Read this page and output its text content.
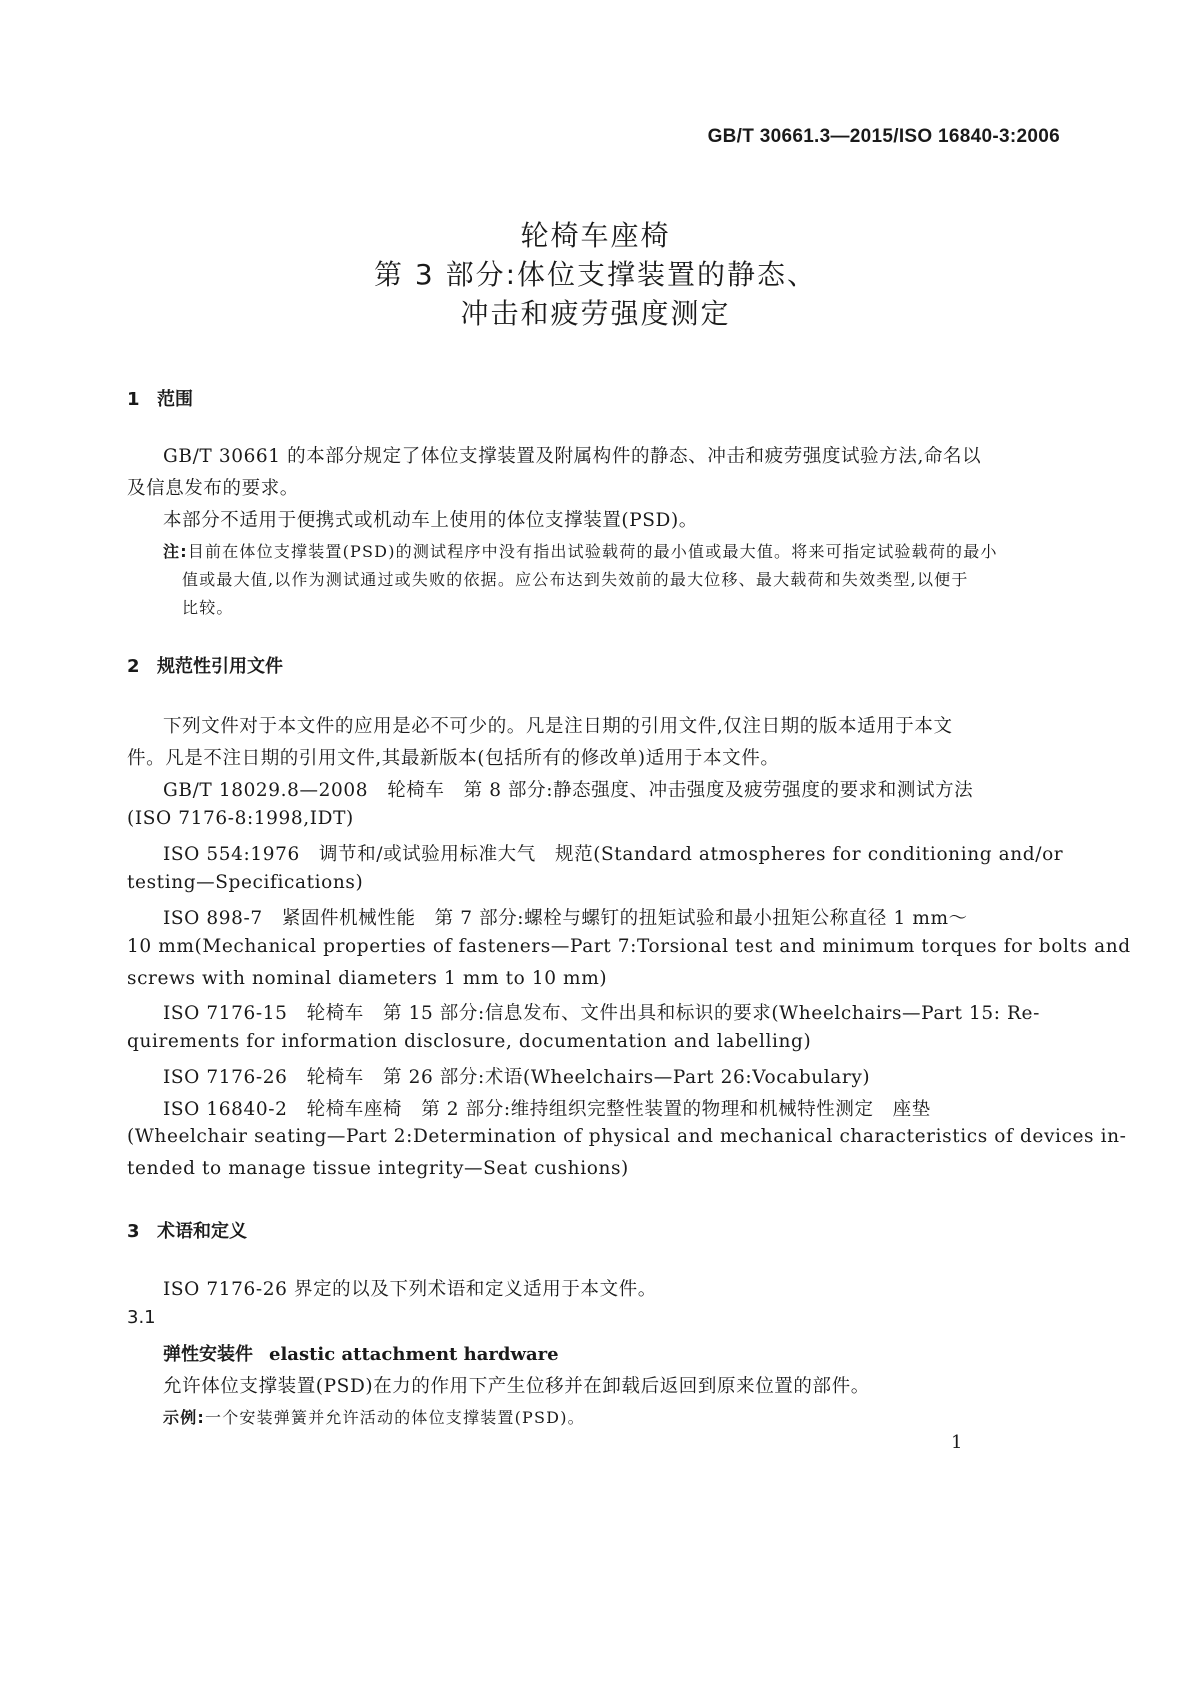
GB/T 30661.3—2015/ISO 16840-3:2006
轮椅车座椅
第 3 部分:体位支撑装置的静态、
冲击和疲劳强度测定
1 范围
GB/T 30661 的本部分规定了体位支撑装置及附属构件的静态、冲击和疲劳强度试验方法,命名以
及信息发布的要求。
本部分不适用于便携式或机动车上使用的体位支撑装置(PSD)。
注:目前在体位支撑装置(PSD)的测试程序中没有指出试验载荷的最小值或最大值。将来可指定试验载荷的最小
值或最大值,以作为测试通过或失败的依据。应公布达到失效前的最大位移、最大载荷和失效类型,以便于
比较。
2 规范性引用文件
下列文件对于本文件的应用是必不可少的。凡是注日期的引用文件,仅注日期的版本适用于本文
件。凡是不注日期的引用文件,其最新版本(包括所有的修改单)适用于本文件。
GB/T 18029.8—2008　轮椅车　第 8 部分:静态强度、冲击强度及疲劳强度的要求和测试方法
(ISO 7176-8:1998,IDT)
ISO 554:1976　调节和/或试验用标准大气　规范(Standard atmospheres for conditioning and/or
testing—Specifications)
ISO 898-7　紧固件机械性能　第 7 部分:螺栓与螺钉的扭矩试验和最小扭矩公称直径 1 mm～
10 mm(Mechanical properties of fasteners—Part 7:Torsional test and minimum torques for bolts and
screws with nominal diameters 1 mm to 10 mm)
ISO 7176-15　轮椅车　第 15 部分:信息发布、文件出具和标识的要求(Wheelchairs—Part 15: Re-
quirements for information disclosure, documentation and labelling)
ISO 7176-26　轮椅车　第 26 部分:术语(Wheelchairs—Part 26:Vocabulary)
ISO 16840-2　轮椅车座椅　第 2 部分:维持组织完整性装置的物理和机械特性测定　座垫
(Wheelchair seating—Part 2:Determination of physical and mechanical characteristics of devices in-
tended to manage tissue integrity—Seat cushions)
3 术语和定义
ISO 7176-26 界定的以及下列术语和定义适用于本文件。
3.1
弹性安装件 elastic attachment hardware
允许体位支撑装置(PSD)在力的作用下产生位移并在卸载后返回到原来位置的部件。
示例:一个安装弹簧并允许活动的体位支撑装置(PSD)。
1
